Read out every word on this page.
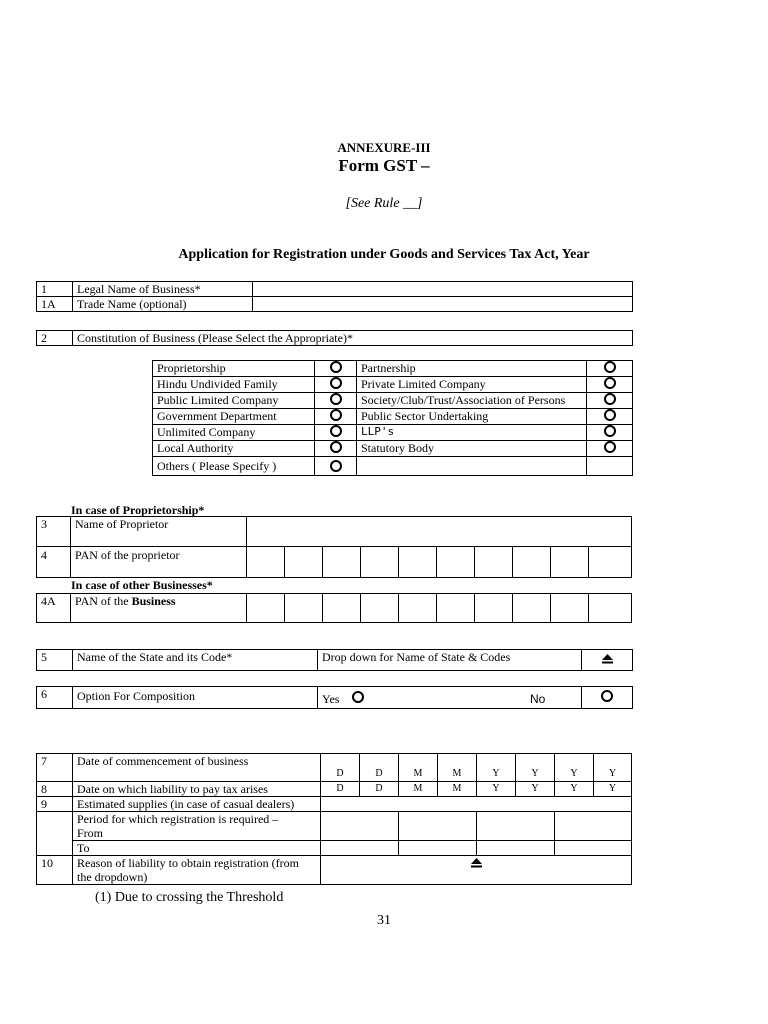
ANNEXURE-III
Form GST –
[See Rule __]
Application for Registration under Goods and Services Tax Act, Year
1	Legal Name of Business*	
1A	Trade Name (optional)	
2	Constitution of Business (Please Select the Appropriate)*
Proprietorship		Partnership	
Hindu Undivided Family		Private Limited Company	
Public Limited Company		Society/Club/Trust/Association of Persons	
Government Department		Public Sector Undertaking	
Unlimited Company		LLP's	
Local Authority		Statutory Body	
Others ( Please Specify )			
In case of Proprietorship*
3	Name of Proprietor										
4	PAN of the proprietor										
In case of other Businesses*
4A	PAN of the Business										
5	Name of the State and its Code*	Drop down for Name of State & Codes	
6	Option For Composition	Yes	No

7	Date of commencement of business	D	D	M	M	Y	Y	Y	Y
8	Date on which liability to pay tax arises	D	D	M	M	Y	Y	Y	Y
9	Estimated supplies (in case of casual dealers)								

	Period for which registration is required –
From								

	To								
10	Reason of liability to obtain registration (from
the dropdown)

(1) Due to crossing the Threshold
31
